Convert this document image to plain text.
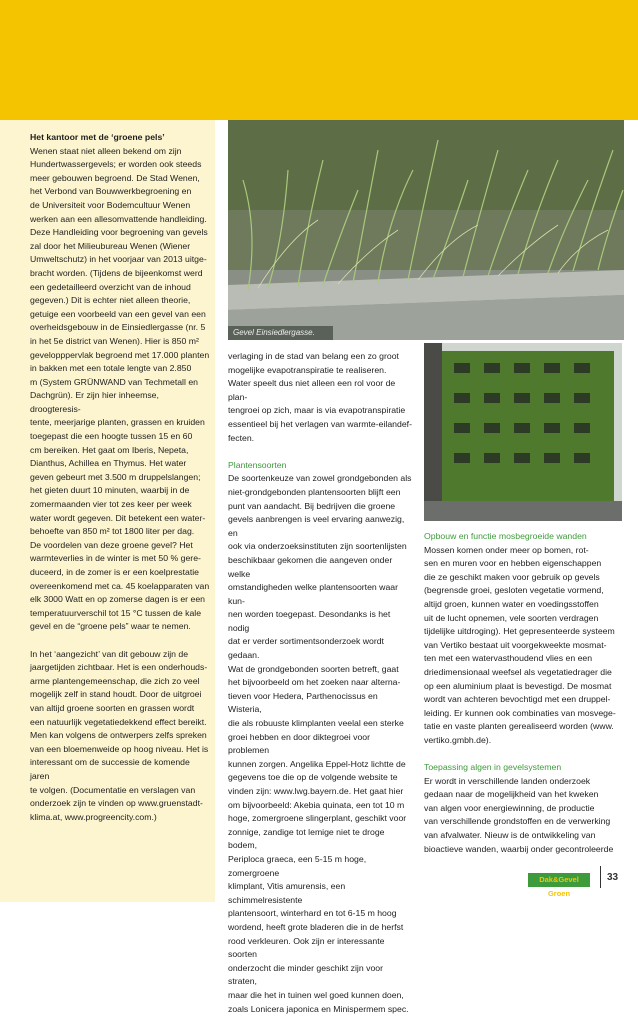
Gevel Einsiedlergasse.

Het kantoor met de ‘groene pels’

Wenen staat niet alleen bekend om zijn

Hundertwassergevels; er worden ook steeds

meer gebouwen begroend. De Stad Wenen,

het Verbond van Bouwwerkbegroening en

de Universiteit voor Bodemcultuur Wenen

werken aan een allesomvattende handleiding.

Deze Handleiding voor begroening van gevels

zal door het Milieubureau Wenen (Wiener

Umweltschutz) in het voorjaar van 2013 uitge-

bracht worden. (Tijdens de bijeenkomst werd

een gedetailleerd overzicht van de inhoud

gegeven.) Dit is echter niet alleen theorie,

getuige een voorbeeld van een gevel van een

overheidsgebouw in de Einsiedlergasse (nr. 5

in het 5e district van Wenen). Hier is 850 m²

gevelopppervlak begroend met 17.000 planten

in bakken met een totale lengte van 2.850

m (System GRÜNWAND van Techmetall en

Dachgrün). Er zijn hier inheemse, droogteresis-

tente, meerjarige planten, grassen en kruiden

toegepast die een hoogte tussen 15 en 60

cm bereiken. Het gaat om Iberis, Nepeta,

Dianthus, Achillea en Thymus. Het water

geven gebeurt met 3.500 m druppelslangen;

het gieten duurt 10 minuten, waarbij in de

zomermaanden vier tot zes keer per week

water wordt gegeven. Dit betekent een water-

behoefte van 850 m² tot 1800 liter per dag.

De voordelen van deze groene gevel? Het

warmteverlies in de winter is met 50 % gere-

duceerd, in de zomer is er een koelprestatie

overeenkomend met ca. 45 koelapparaten van

elk 3000 Watt en op zomerse dagen is er een

temperatuurverschil tot 15 °C tussen de kale

gevel en de “groene pels” waar te nemen.

In het ‘aangezicht’ van dit gebouw zijn de

jaargetijden zichtbaar. Het is een onderhouds-

arme plantengemeenschap, die zich zo veel

mogelijk zelf in stand houdt. Door de uitgroei

van altijd groene soorten en grassen wordt

een natuurlijk vegetatiedekkend effect bereikt.

Men kan volgens de ontwerpers zelfs spreken

van een bloemenweide op hoog niveau. Het is

interessant om de successie de komende jaren

te volgen. (Documentatie en verslagen van

onderzoek zijn te vinden op www.gruenstadt-

klima.at, www.progreencity.com.)

verlaging in de stad van belang een zo groot

mogelijke evapotranspiratie te realiseren.

Water speelt dus niet alleen een rol voor de plan-

tengroei op zich, maar is via evapotranspiratie

essentieel bij het verlagen van warmte-eilandef-

fecten.

Plantensoorten

De soortenkeuze van zowel grondgebonden als

niet-grondgebonden plantensoorten blijft een

punt van aandacht. Bij bedrijven die groene

gevels aanbrengen is veel ervaring aanwezig, en

ook via onderzoeksinstituten zijn soortenlijsten

beschikbaar gekomen die aangeven onder welke

omstandigheden welke plantensoorten waar kun-

nen worden toegepast. Desondanks is het nodig

dat er verder sortimentsonderzoek wordt gedaan.

Wat de grondgebonden soorten betreft, gaat

het bijvoorbeeld om het zoeken naar alterna-

tieven voor Hedera, Parthenocissus en Wisteria,

die als robuuste klimplanten veelal een sterke

groei hebben en door diktegroei voor problemen

kunnen zorgen. Angelika Eppel-Hotz lichtte de

gegevens toe die op de volgende website te

vinden zijn: www.lwg.bayern.de. Het gaat hier

om bijvoorbeeld: Akebia quinata, een tot 10 m

hoge, zomergroene slingerplant, geschikt voor

zonnige, zandige tot lemige niet te droge bodem,

Periploca graeca, een 5-15 m hoge, zomergroene

klimplant, Vitis amurensis, een schimmelresistente

plantensoort, winterhard en tot 6-15 m hoog

wordend, heeft grote bladeren die in de herfst

rood verkleuren. Ook zijn er interessante soorten

onderzocht die minder geschikt zijn voor straten,

maar die het in tuinen wel goed kunnen doen,

zoals Lonicera japonica en Minispermem spec.

Opbouw en functie mosbegroeide wanden

Mossen komen onder meer op bomen, rot-

sen en muren voor en hebben eigenschappen

die ze geschikt maken voor gebruik op gevels

(begrensde groei, gesloten vegetatie vormend,

altijd groen, kunnen water en voedingsstoffen

uit de lucht opnemen, vele soorten verdragen

tijdelijke uitdroging). Het gepresenteerde systeem

van Vertiko bestaat uit voorgekweekte mosmat-

ten met een watervasthoudend vlies en een

driedimensionaal weefsel als vegetatiedrager die

op een aluminium plaat is bevestigd. De mosmat

wordt van achteren bevochtigd met een druppel-

leiding. Er kunnen ook combinaties van mosvege-

tatie en vaste planten gerealiseerd worden (www.

vertiko.gmbh.de).

Toepassing algen in gevelsystemen

Er wordt in verschillende landen onderzoek

gedaan naar de mogelijkheid van het kweken

van algen voor energiewinning, de productie

van verschillende grondstoffen en de verwerking

van afvalwater. Nieuw is de ontwikkeling van

bioactieve wanden, waarbij onder gecontroleerde

Dak&Gevel Groen
33
